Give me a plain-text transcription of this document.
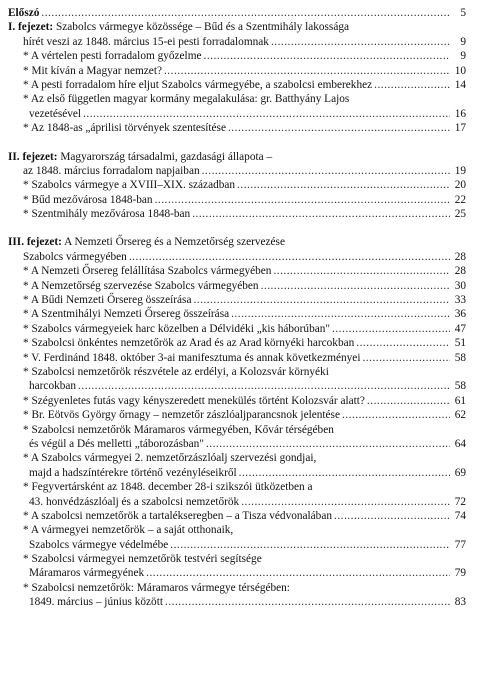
Előszó .....	5
I. fejezet: Szabolcs vármegye közössége – Bűd és a Szentmihály lakossága
hírét veszi az 1848. március 15-ei pesti forradalomnak .....	9
* A vértelen pesti forradalom győzelme .....	9
* Mit kíván a Magyar nemzet? .....	10
* A pesti forradalom híre eljut Szabolcs vármegyébe, a szabolcsi emberekhez .....	14
* Az első független magyar kormány megalakulása: gr. Batthyány Lajos
vezetésével .....	16
* Az 1848-as „áprilisi törvények szentesítése .....	17
II. fejezet: Magyarország társadalmi, gazdasági állapota –
az 1848. március forradalom napjaiban .....	19
* Szabolcs vármegye a XVIII–XIX. században .....	20
* Bűd mezővárosa 1848-ban .....	22
* Szentmihály mezővárosa 1848-ban .....	25
III. fejezet: A Nemzeti Őrsereg és a Nemzetőrség szervezése
Szabolcs vármegyében .....	28
* A Nemzeti Őrsereg felállítása Szabolcs vármegyében .....	28
* A Nemzetőrség szervezése Szabolcs vármegyében .....	30
* A Bűdi Nemzeti Őrsereg összeírása .....	33
* A Szentmihályi Nemzeti Őrsereg összeírása .....	36
* Szabolcs vármegyeiek harc közelben a Délvidéki „kis háborúban" .....	47
* Szabolcsi önkéntes nemzetőrök az Arad és az Arad környéki harcokban .....	51
* V. Ferdinánd 1848. október 3-ai manifesztuma és annak következményei .....	58
* Szabolcsi nemzetőrök részvétele az erdélyi, a Kolozsvár környéki
harcokban .....	58
* Szégyenletes futás vagy kényszeredett menekülés történt Kolozsvár alatt? .....	61
* Br. Eötvös György őrnagy – nemzetőr zászlóaljparancsnok jelentése .....	62
* Szabolcsi nemzetőrök Máramaros vármegyében, Kővár térségében
és végül a Dés melletti „táborozásban" .....	64
* A Szabolcs vármegyei 2. nemzetőrzászlóalj szervezési gondjai,
majd a hadszíntérekre történő vezényléseikről .....	69
* Fegyvertársként az 1848. december 28-i szikszói ütközetben a
43. honvédzászlóalj és a szabolcsi nemzetőrök .....	72
* A szabolcsi nemzetőrök a tartalékseregben – a Tisza védvonalában .....	74
* A vármegyei nemzetőrök – a saját otthonaik,
Szabolcs vármegye védelmébe .....	77
* Szabolcsi vármegyei nemzetőrök testvéri segítsége
Máramaros vármegyének .....	79
* Szabolcsi nemzetőrök: Máramaros vármegye térségében:
1849. március – június között .....	83
